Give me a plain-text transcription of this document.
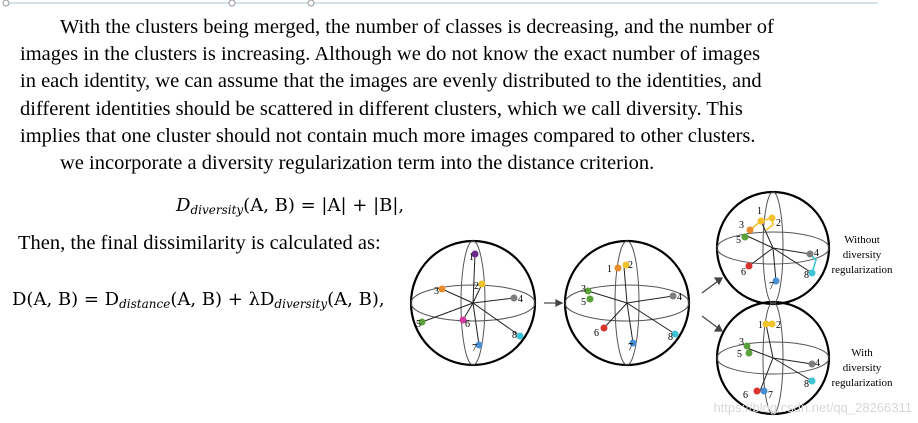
With the clusters being merged, the number of classes is decreasing, and the number of
images in the clusters is increasing. Although we do not know the exact number of images
in each identity, we can assume that the images are evenly distributed to the identities, and
different identities should be scattered in different clusters, which we call diversity. This
implies that one cluster should not contain much more images compared to other clusters.
we incorporate a diversity regularization term into the distance criterion.
$D_{diversity}(A$, B) = |A| + |B|,
Then, the final dissimilarity is calculated as:
D(A, $B) = D_{distance}(A$, $B) + \lambda D_{diversity}(A$, B),
1
2
3
4
5	6
7
8
1 2
3
5	4
6
7
8
3
1
2
5
4
6
7
8
1 2
3
5
4
6 7
8
Without
diversity
regularization
With
diversity
regularization
https://blog.csdn.net/qq_28266311
